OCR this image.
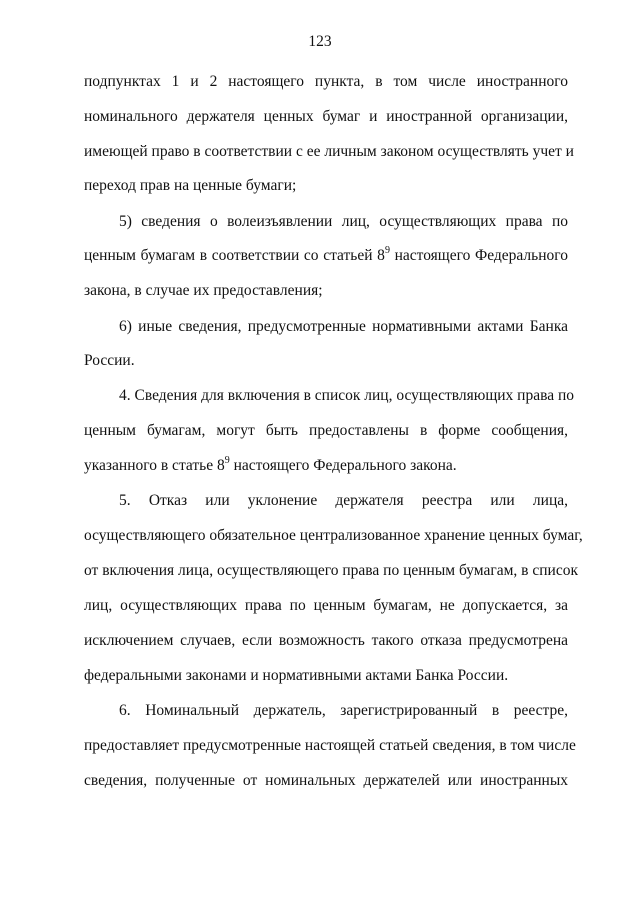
123
подпунктах 1 и 2 настоящего пункта, в том числе иностранного
номинального держателя ценных бумаг и иностранной организации,
имеющей право в соответствии с ее личным законом осуществлять учет и
переход прав на ценные бумаги;
5) сведения о волеизъявлении лиц, осуществляющих права по
ценным бумагам в соответствии со статьей $8^9$ настоящего Федерального
закона, в случае их предоставления;
6) иные сведения, предусмотренные нормативными актами Банка
России.
4. Сведения для включения в список лиц, осуществляющих права по
ценным бумагам, могут быть предоставлены в форме сообщения,
указанного в статье $8^9$ настоящего Федерального закона.
5. Отказ или уклонение держателя реестра или лица,
осуществляющего обязательное централизованное хранение ценных бумаг,
от включения лица, осуществляющего права по ценным бумагам, в список
лиц, осуществляющих права по ценным бумагам, не допускается, за
исключением случаев, если возможность такого отказа предусмотрена
федеральными законами и нормативными актами Банка России.
6. Номинальный держатель, зарегистрированный в реестре,
предоставляет предусмотренные настоящей статьей сведения, в том числе
сведения, полученные от номинальных держателей или иностранных
